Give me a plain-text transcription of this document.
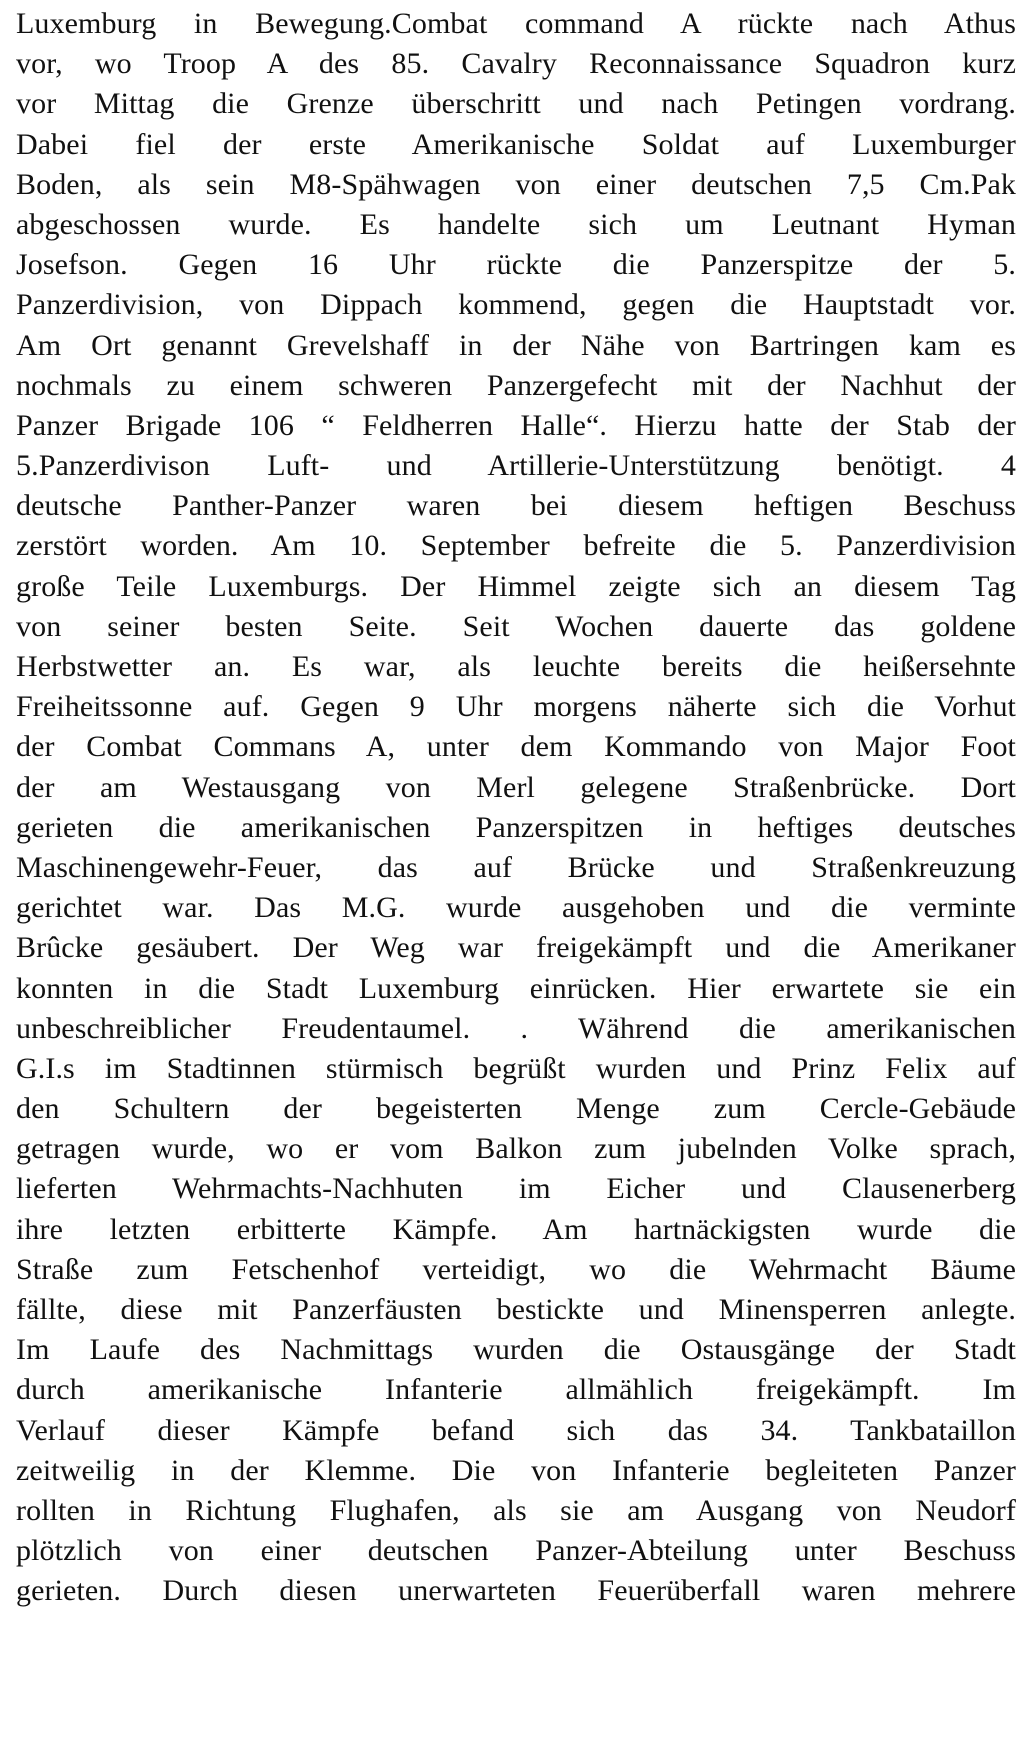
Luxemburg in Bewegung.Combat command A rückte nach Athus
vor, wo Troop A des 85. Cavalry Reconnaissance Squadron kurz
vor Mittag die Grenze überschritt und nach Petingen vordrang.
Dabei fiel der erste Amerikanische Soldat auf Luxemburger
Boden, als sein M8-Spähwagen von einer deutschen 7,5 Cm.Pak
abgeschossen wurde. Es handelte sich um Leutnant Hyman
Josefson. Gegen 16 Uhr rückte die Panzerspitze der 5.
Panzerdivision, von Dippach kommend, gegen die Hauptstadt vor.
Am Ort genannt Grevelshaff in der Nähe von Bartringen kam es
nochmals zu einem schweren Panzergefecht mit der Nachhut der
Panzer Brigade 106 “ Feldherren Halle“. Hierzu hatte der Stab der
5.Panzerdivison Luft- und Artillerie-Unterstützung benötigt. 4
deutsche Panther-Panzer waren bei diesem heftigen Beschuss
zerstört worden. Am 10. September befreite die 5. Panzerdivision
große Teile Luxemburgs. Der Himmel zeigte sich an diesem Tag
von seiner besten Seite. Seit Wochen dauerte das goldene
Herbstwetter an. Es war, als leuchte bereits die heißersehnte
Freiheitssonne auf. Gegen 9 Uhr morgens näherte sich die Vorhut
der Combat Commans A, unter dem Kommando von Major Foot
der am Westausgang von Merl gelegene Straßenbrücke. Dort
gerieten die amerikanischen Panzerspitzen in heftiges deutsches
Maschinengewehr-Feuer, das auf Brücke und Straßenkreuzung
gerichtet war. Das M.G. wurde ausgehoben und die verminte
Brûcke gesäubert. Der Weg war freigekämpft und die Amerikaner
konnten in die Stadt Luxemburg einrücken. Hier erwartete sie ein
unbeschreiblicher Freudentaumel. . Während die amerikanischen
G.I.s im Stadtinnen stürmisch begrüßt wurden und Prinz Felix auf
den Schultern der begeisterten Menge zum Cercle-Gebäude
getragen wurde, wo er vom Balkon zum jubelnden Volke sprach,
lieferten Wehrmachts-Nachhuten im Eicher und Clausenerberg
ihre letzten erbitterte Kämpfe. Am hartnäckigsten wurde die
Straße zum Fetschenhof verteidigt, wo die Wehrmacht Bäume
fällte, diese mit Panzerfäusten bestickte und Minensperren anlegte.
Im Laufe des Nachmittags wurden die Ostausgänge der Stadt
durch amerikanische Infanterie allmählich freigekämpft. Im
Verlauf dieser Kämpfe befand sich das 34. Tankbataillon
zeitweilig in der Klemme. Die von Infanterie begleiteten Panzer
rollten in Richtung Flughafen, als sie am Ausgang von Neudorf
plötzlich von einer deutschen Panzer-Abteilung unter Beschuss
gerieten. Durch diesen unerwarteten Feuerüberfall waren mehrere
